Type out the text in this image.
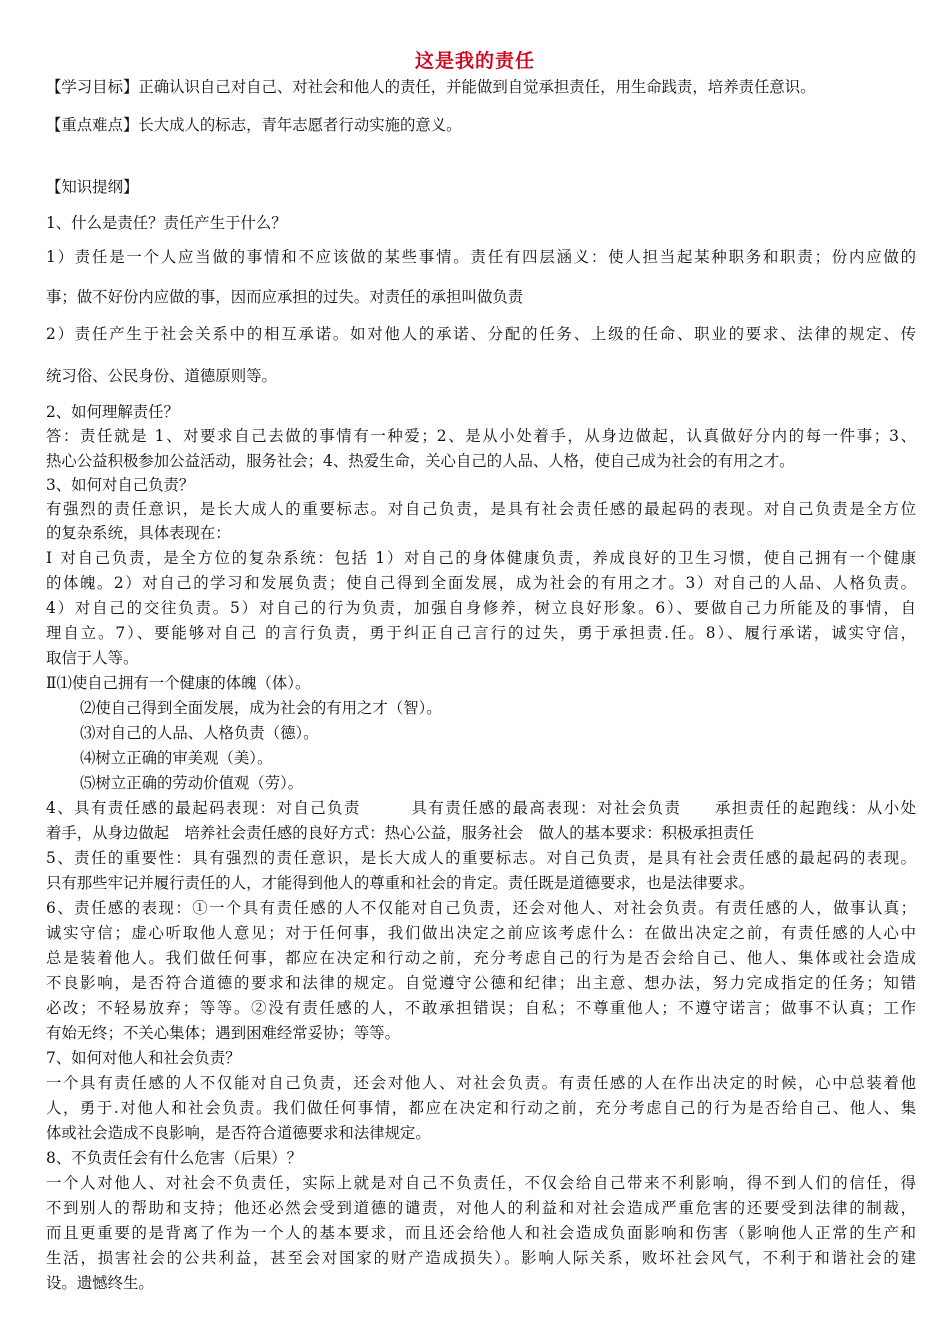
这是我的责任
【学习目标】正确认识自己对自己、对社会和他人的责任，并能做到自觉承担责任，用生命践责，培养责任意识。
【重点难点】长大成人的标志，青年志愿者行动实施的意义。
【知识提纲】
1、什么是责任？责任产生于什么？
1）责任是一个人应当做的事情和不应该做的某些事情。责任有四层涵义：使人担当起某种职务和职责；份内应做的
事；做不好份内应做的事，因而应承担的过失。对责任的承担叫做负责
2）责任产生于社会关系中的相互承诺。如对他人的承诺、分配的任务、上级的任命、职业的要求、法律的规定、传
统习俗、公民身份、道德原则等。
2、如何理解责任？
答：责任就是 1、对要求自己去做的事情有一种爱；2、是从小处着手，从身边做起，认真做好分内的每一件事；3、
热心公益积极参加公益活动，服务社会；4、热爱生命，关心自己的人品、人格，使自己成为社会的有用之才。
3、如何对自己负责？
有强烈的责任意识，是长大成人的重要标志。对自己负责，是具有社会责任感的最起码的表现。对自己负责是全方位
的复杂系统，具体表现在：
Ⅰ 对自己负责，是全方位的复杂系统：包括 1）对自己的身体健康负责，养成良好的卫生习惯，使自己拥有一个健康
的体魄。2）对自己的学习和发展负责；使自己得到全面发展，成为社会的有用之才。3）对自己的人品、人格负责。
4）对自己的交往负责。5）对自己的行为负责，加强自身修养，树立良好形象。6）、要做自己力所能及的事情，自
理自立。7）、要能够对自己 的言行负责，勇于纠正自己言行的过失，勇于承担责.任。8）、履行承诺，诚实守信，
取信于人等。
Ⅱ⑴使自己拥有一个健康的体魄（体）。
⑵使自己得到全面发展，成为社会的有用之才（智）。
⑶对自己的人品、人格负责（德）。
⑷树立正确的审美观（美）。
⑸树立正确的劳动价值观（劳）。
4、具有责任感的最起码表现：对自己负责　　　具有责任感的最高表现：对社会负责　　承担责任的起跑线：从小处
着手，从身边做起　培养社会责任感的良好方式：热心公益，服务社会　做人的基本要求：积极承担责任
5、责任的重要性：具有强烈的责任意识，是长大成人的重要标志。对自己负责，是具有社会责任感的最起码的表现。
只有那些牢记并履行责任的人，才能得到他人的尊重和社会的肯定。责任既是道德要求，也是法律要求。
6、责任感的表现：①一个具有责任感的人不仅能对自己负责，还会对他人、对社会负责。有责任感的人，做事认真；
诚实守信；虚心听取他人意见；对于任何事，我们做出决定之前应该考虑什么：在做出决定之前，有责任感的人心中
总是装着他人。我们做任何事，都应在决定和行动之前，充分考虑自己的行为是否会给自己、他人、集体或社会造成
不良影响，是否符合道德的要求和法律的规定。自觉遵守公德和纪律；出主意、想办法，努力完成指定的任务；知错
必改；不轻易放弃；等等。②没有责任感的人，不敢承担错误；自私；不尊重他人；不遵守诺言；做事不认真；工作
有始无终；不关心集体；遇到困难经常妥协；等等。
7、如何对他人和社会负责？
一个具有责任感的人不仅能对自己负责，还会对他人、对社会负责。有责任感的人在作出决定的时候，心中总装着他
人，勇于.对他人和社会负责。我们做任何事情，都应在决定和行动之前，充分考虑自己的行为是否给自己、他人、集
体或社会造成不良影响，是否符合道德要求和法律规定。
8、不负责任会有什么危害（后果）？
一个人对他人、对社会不负责任，实际上就是对自己不负责任，不仅会给自己带来不利影响，得不到人们的信任，得
不到别人的帮助和支持；他还必然会受到道德的谴责，对他人的利益和对社会造成严重危害的还要受到法律的制裁，
而且更重要的是背离了作为一个人的基本要求，而且还会给他人和社会造成负面影响和伤害（影响他人正常的生产和
生活，损害社会的公共利益，甚至会对国家的财产造成损失）。影响人际关系，败坏社会风气，不利于和谐社会的建
设。遗憾终生。
